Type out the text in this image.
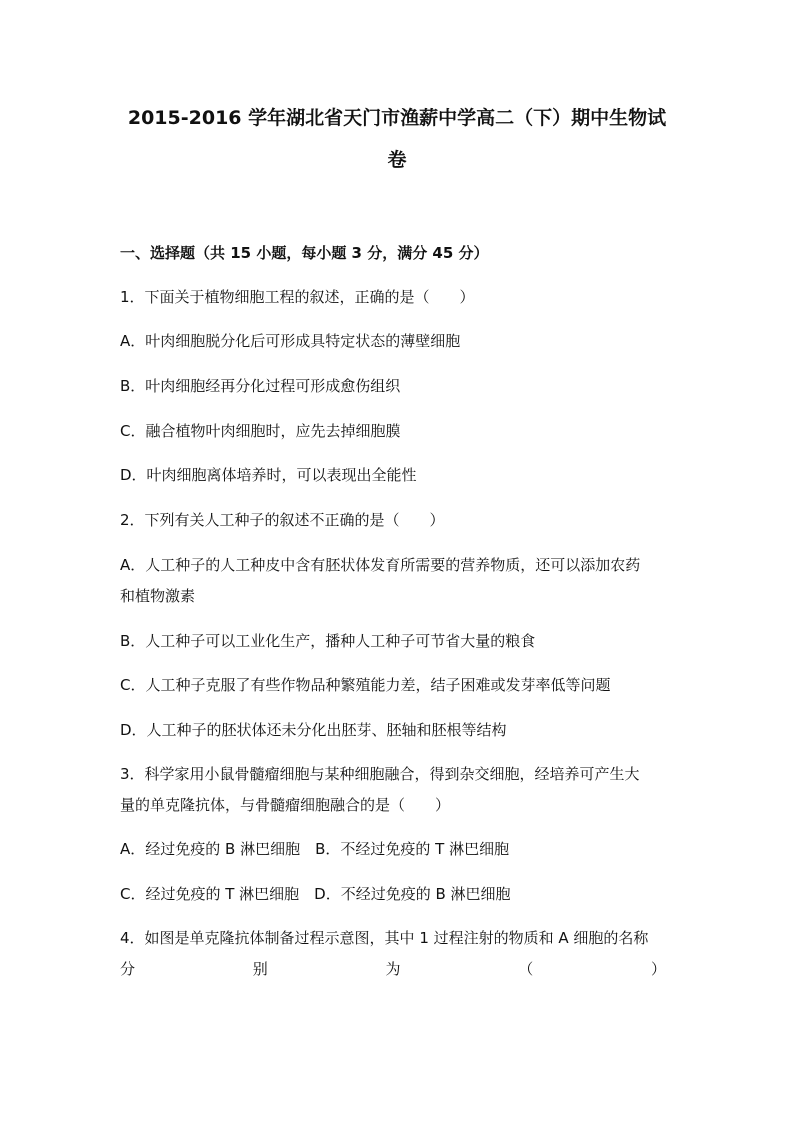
2015-2016 学年湖北省天门市渔薪中学高二（下）期中生物试
卷
一、选择题（共 15 小题，每小题 3 分，满分 45 分）
1．下面关于植物细胞工程的叙述，正确的是（　　）
A．叶肉细胞脱分化后可形成具特定状态的薄壁细胞
B．叶肉细胞经再分化过程可形成愈伤组织
C．融合植物叶肉细胞时，应先去掉细胞膜
D．叶肉细胞离体培养时，可以表现出全能性
2．下列有关人工种子的叙述不正确的是（　　）
A．人工种子的人工种皮中含有胚状体发育所需要的营养物质，还可以添加农药
和植物激素
B．人工种子可以工业化生产，播种人工种子可节省大量的粮食
C．人工种子克服了有些作物品种繁殖能力差，结子困难或发芽率低等问题
D．人工种子的胚状体还未分化出胚芽、胚轴和胚根等结构
3．科学家用小鼠骨髓瘤细胞与某种细胞融合，得到杂交细胞，经培养可产生大
量的单克隆抗体，与骨髓瘤细胞融合的是（　　）
A．经过免疫的 B 淋巴细胞　B．不经过免疫的 T 淋巴细胞
C．经过免疫的 T 淋巴细胞　D．不经过免疫的 B 淋巴细胞
4．如图是单克隆抗体制备过程示意图，其中 1 过程注射的物质和 A 细胞的名称
分	别	为	（	）
